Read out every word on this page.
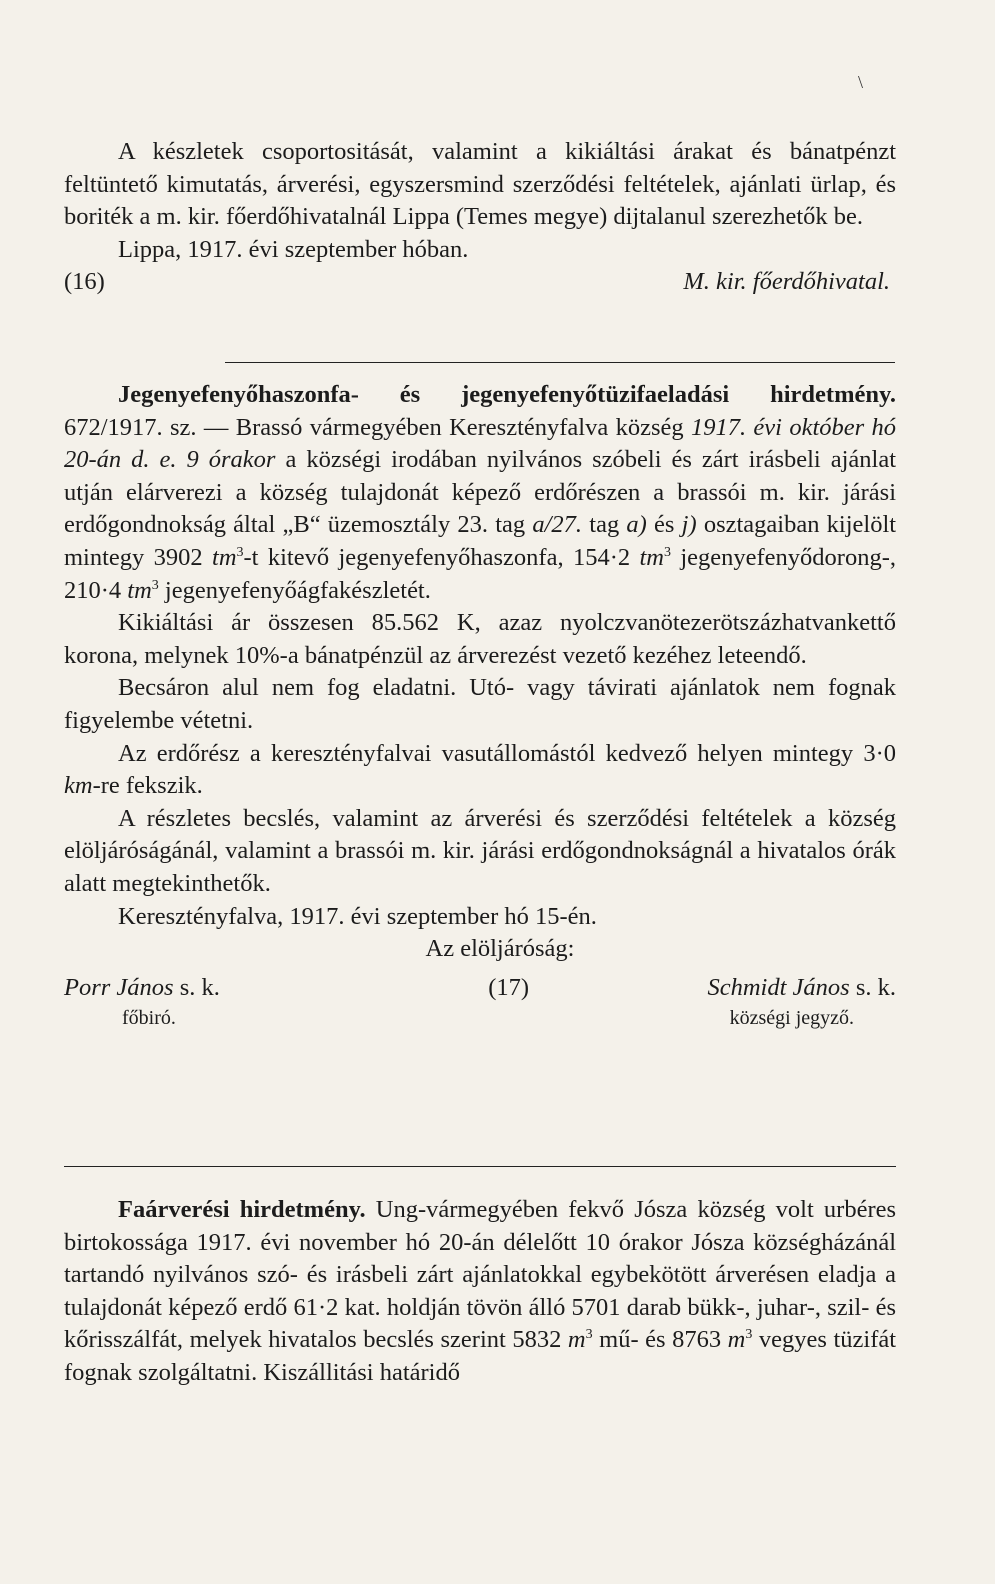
\

A készletek csoportositását, valamint a kikiáltási árakat és bánatpénzt feltüntető kimutatás, árverési, egyszersmind szerződési feltételek, ajánlati ürlap, és boriték a m. kir. főerdőhivatalnál Lippa (Temes megye) dijtalanul szerezhetők be.

Lippa, 1917. évi szeptember hóban.

(16)	M. kir. főerdőhivatal.

Jegenyefenyőhaszonfa- és jegenyefenyőtüzifaeladási hirdetmény. 672/1917. sz. — Brassó vármegyében Keresztényfalva község 1917. évi október hó 20-án d. e. 9 órakor a községi irodában nyilvános szóbeli és zárt irásbeli ajánlat utján elárverezi a község tulajdonát képező erdőrészen a brassói m. kir. járási erdőgondnokság által „B“ üzemosztály 23. tag a/27. tag a) és j) osztagaiban kijelölt mintegy 3902 $tm^3-t$ kitevő jegenyefenyőhaszonfa, 154·2 $tm^3$ jegenyefenyődorong-, 210·4 $tm^3$ jegenyefenyőágfakészletét.

Kikiáltási ár összesen 85.562 K, azaz nyolczvanötezerötszázhatvankettő korona, melynek 10%-a bánatpénzül az árverezést vezető kezéhez leteendő.

Becsáron alul nem fog eladatni. Utó- vagy távirati ajánlatok nem fognak figyelembe vétetni.

Az erdőrész a keresztényfalvai vasutállomástól kedvező helyen mintegy 3·0 km-re fekszik.

A részletes becslés, valamint az árverési és szerződési feltételek a község elöljáróságánál, valamint a brassói m. kir. járási erdőgondnokságnál a hivatalos órák alatt megtekinthetők.

Keresztényfalva, 1917. évi szeptember hó 15-én.

Az elöljáróság:

Porr János s. k.	(17)	Schmidt János s. k.
főbiró.	községi jegyző.

Faárverési hirdetmény. Ung-vármegyében fekvő Jósza község volt urbéres birtokossága 1917. évi november hó 20-án délelőtt 10 órakor Jósza községházánál tartandó nyilvános szó- és irásbeli zárt ajánlatokkal egybekötött árverésen eladja a tulajdonát képező erdő 61·2 kat. holdján tövön álló 5701 darab bükk-, juhar-, szil- és kőrisszálfát, melyek hivatalos becslés szerint 5832 $m^3$ mű- és 8763 $m^3$ vegyes tüzifát fognak szolgáltatni. Kiszállitási határidő
